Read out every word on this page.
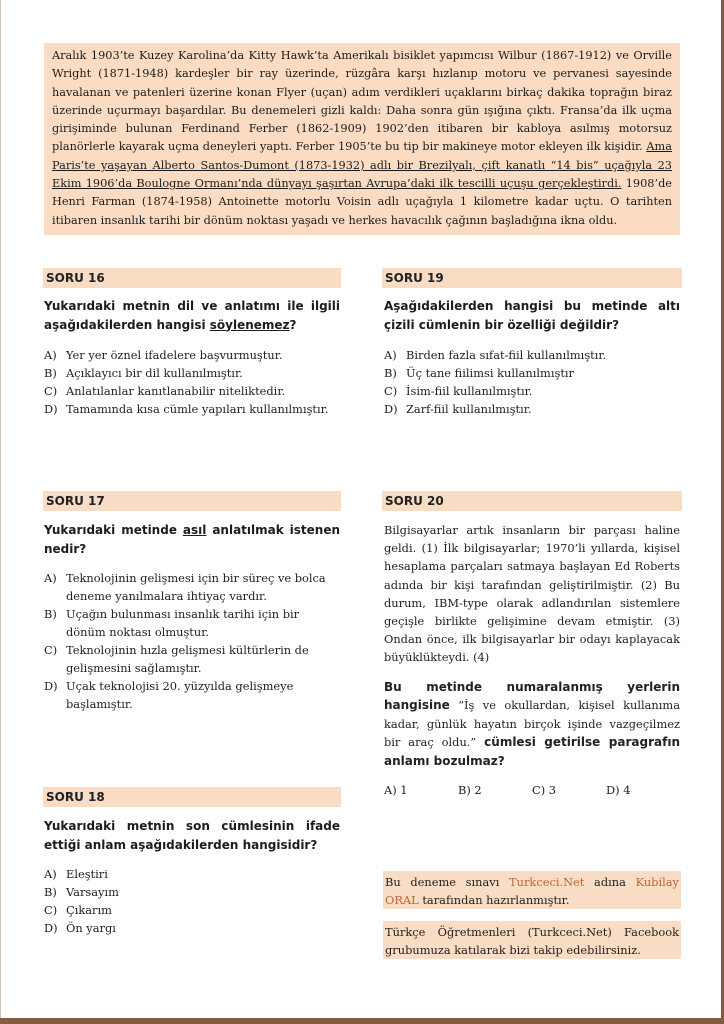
Aralık 1903’te Kuzey Karolina’da Kitty Hawk’ta Amerikalı bisiklet yapımcısı Wilbur (1867-1912) ve Orville Wright (1871-1948) kardeşler bir ray üzerinde, rüzgâra karşı hızlanıp motoru ve pervanesi sayesinde havalanan ve patenleri üzerine konan Flyer (uçan) adım verdikleri uçaklarını birkaç dakika toprağın biraz üzerinde uçurmayı başardılar. Bu denemeleri gizli kaldı: Daha sonra gün ışığına çıktı. Fransa’da ilk uçma girişiminde bulunan Ferdinand Ferber (1862-1909) 1902’den itibaren bir kabloya asılmış motorsuz planörlerle kayarak uçma deneyleri yaptı. Ferber 1905’te bu tip bir makineye motor ekleyen ilk kişidir. Ama Paris’te yaşayan Alberto Santos-Dumont (1873-1932) adlı bir Brezilyalı, çift kanatlı “14 bis” uçağıyla 23 Ekim 1906’da Boulogne Ormanı’nda dünyayı şaşırtan Avrupa’daki ilk tescilli uçuşu gerçekleştirdi. 1908’de Henri Farman (1874-1958) Antoinette motorlu Voisin adlı uçağıyla 1 kilometre kadar uçtu. O tarihten itibaren insanlık tarihi bir dönüm noktası yaşadı ve herkes havacılık çağının başladığına ikna oldu.
SORU 16
Yukarıdaki metnin dil ve anlatımı ile ilgili aşağıdakilerden hangisi söylenemez?
A) Yer yer öznel ifadelere başvurmuştur.
B) Açıklayıcı bir dil kullanılmıştır.
C) Anlatılanlar kanıtlanabilir niteliktedir.
D) Tamamında kısa cümle yapıları kullanılmıştır.
SORU 19
Aşağıdakilerden hangisi bu metinde altı çizili cümlenin bir özelliği değildir?
A) Birden fazla sıfat-fiil kullanılmıştır.
B) Üç tane fiilimsi kullanılmıştır
C) İsim-fiil kullanılmıştır.
D) Zarf-fiil kullanılmıştır.
SORU 17
Yukarıdaki metinde asıl anlatılmak istenen nedir?
A) Teknolojinin gelişmesi için bir süreç ve bolca deneme yanılmalara ihtiyaç vardır.
B) Uçağın bulunması insanlık tarihi için bir dönüm noktası olmuştur.
C) Teknolojinin hızla gelişmesi kültürlerin de gelişmesini sağlamıştır.
D) Uçak teknolojisi 20. yüzyılda gelişmeye başlamıştır.
SORU 20
Bilgisayarlar artık insanların bir parçası haline geldi. (1) İlk bilgisayarlar; 1970’li yıllarda, kişisel hesaplama parçaları satmaya başlayan Ed Roberts adında bir kişi tarafından geliştirilmiştir. (2) Bu durum, IBM-type olarak adlandırılan sistemlere geçişle birlikte gelişimine devam etmiştir. (3) Ondan önce, ilk bilgisayarlar bir odayı kaplayacak büyüklükteydi. (4)
Bu metinde numaralanmış yerlerin hangisine “İş ve okullardan, kişisel kullanıma kadar, günlük hayatın birçok işinde vazgeçilmez bir araç oldu.” cümlesi getirilse paragrafın anlamı bozulmaz?
A) 1	B) 2	C) 3	D) 4
SORU 18
Yukarıdaki metnin son cümlesinin ifade ettiği anlam aşağıdakilerden hangisidir?
A) Eleştiri
B) Varsayım
C) Çıkarım
D) Ön yargı
Bu deneme sınavı Turkceci.Net adına Kubilay ORAL tarafından hazırlanmıştır.
Türkçe Öğretmenleri (Turkceci.Net) Facebook grubumuza katılarak bizi takip edebilirsiniz.
